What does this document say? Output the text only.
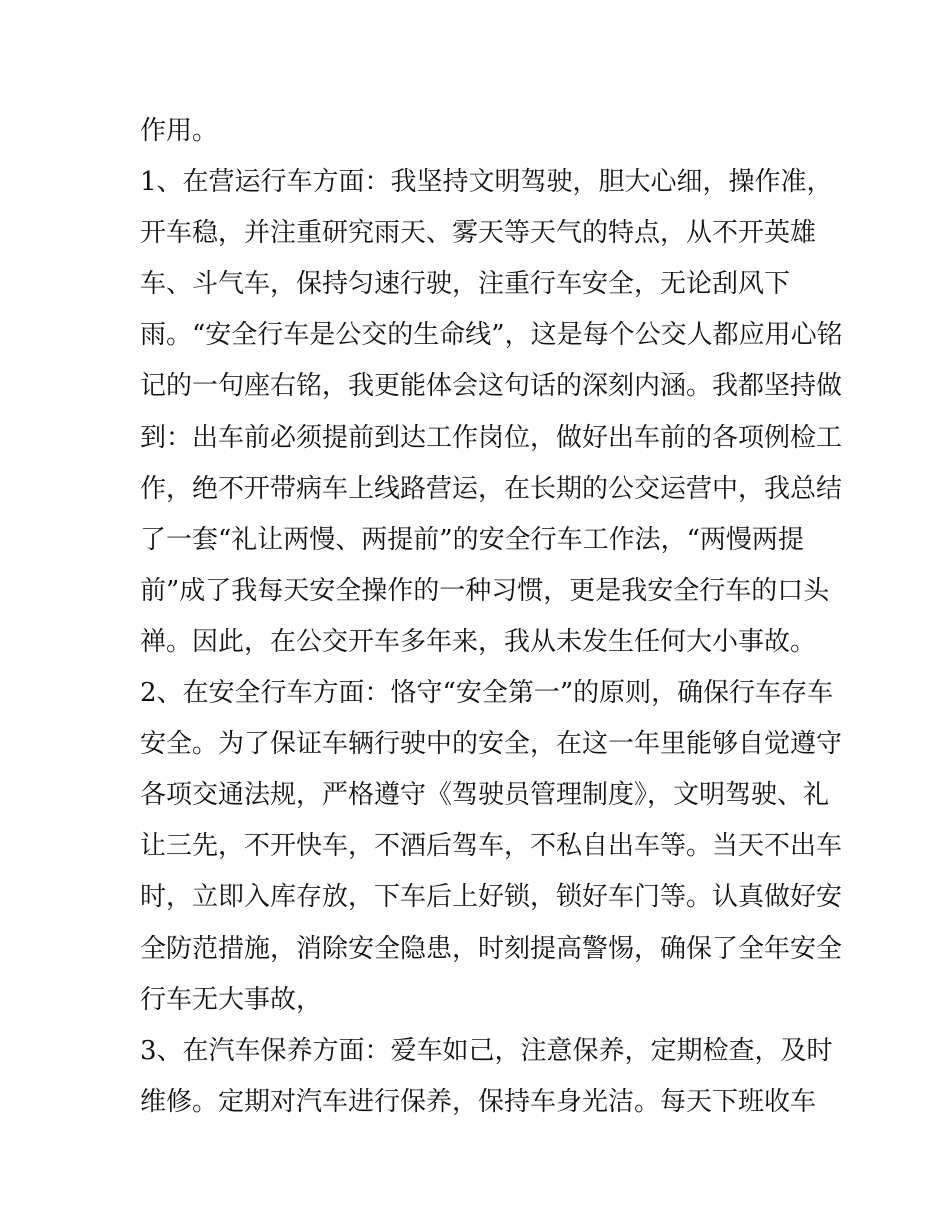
作用。
1、在营运行车方面：我坚持文明驾驶，胆大心细，操作准，
开车稳，并注重研究雨天、雾天等天气的特点，从不开英雄
车、斗气车，保持匀速行驶，注重行车安全，无论刮风下
雨。“安全行车是公交的生命线”，这是每个公交人都应用心铭
记的一句座右铭，我更能体会这句话的深刻内涵。我都坚持做
到：出车前必须提前到达工作岗位，做好出车前的各项例检工
作，绝不开带病车上线路营运，在长期的公交运营中，我总结
了一套“礼让两慢、两提前”的安全行车工作法，“两慢两提
前”成了我每天安全操作的一种习惯，更是我安全行车的口头
禅。因此，在公交开车多年来，我从未发生任何大小事故。
2、在安全行车方面：恪守“安全第一”的原则，确保行车存车
安全。为了保证车辆行驶中的安全，在这一年里能够自觉遵守
各项交通法规，严格遵守《驾驶员管理制度》，文明驾驶、礼
让三先，不开快车，不酒后驾车，不私自出车等。当天不出车
时，立即入库存放，下车后上好锁，锁好车门等。认真做好安
全防范措施，消除安全隐患，时刻提高警惕，确保了全年安全
行车无大事故，
3、在汽车保养方面：爱车如己，注意保养，定期检查，及时
维修。定期对汽车进行保养，保持车身光洁。每天下班收车
